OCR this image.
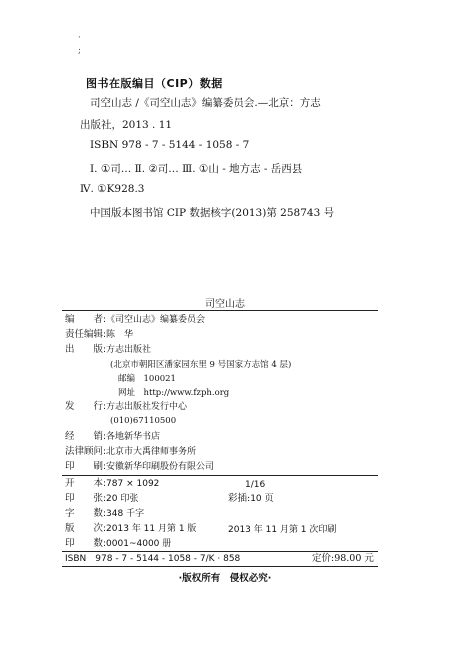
·
;
图书在版编目（CIP）数据
司空山志 /《司空山志》编纂委员会.—北京：方志
出版社，2013 . 11
ISBN 978 - 7 - 5144 - 1058 - 7
Ⅰ. ①司… Ⅱ. ②司… Ⅲ. ①山 - 地方志 - 岳西县
Ⅳ. ①K928.3
中国版本图书馆 CIP 数据核字(2013)第 258743 号
司空山志
编　　者:《司空山志》编纂委员会
责任编辑:陈　华
出　　版:方志出版社
(北京市朝阳区潘家园东里 9 号国家方志馆 4 层)
邮编　100021
网址　http://www.fzph.org
发　　行:方志出版社发行中心
(010)67110500
经　　销:各地新华书店
法律顾问:北京市大禹律师事务所
印　　刷:安徽新华印刷股份有限公司
开　　本:787 × 1092	1/16
印　　张:20 印张	彩插:10 页
字　　数:348 千字
版　　次:2013 年 11 月第 1 版	2013 年 11 月第 1 次印刷
印　　数:0001~4000 册
ISBN　978 - 7 - 5144 - 1058 - 7/K · 858	定价:98.00 元
·版权所有　侵权必究·
